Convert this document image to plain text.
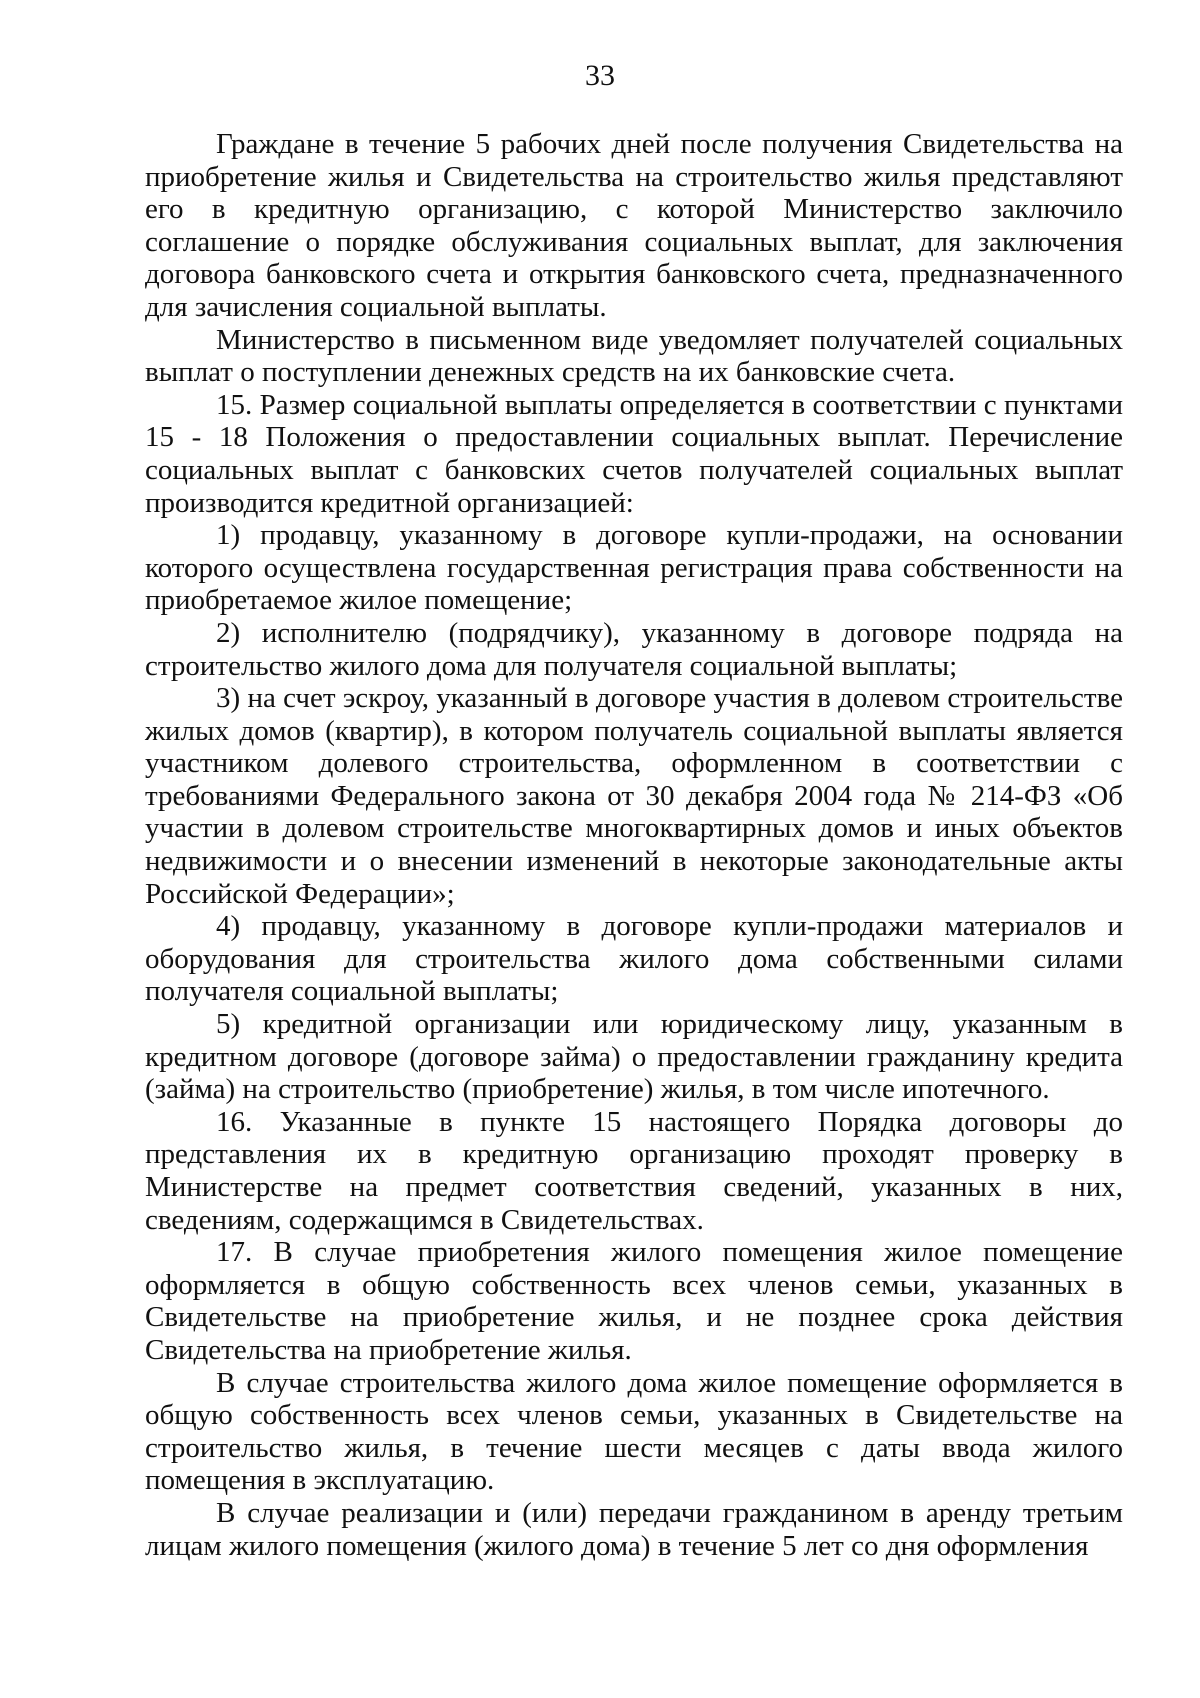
33

Граждане в течение 5 рабочих дней после получения Свидетельства на приобретение жилья и Свидетельства на строительство жилья представляют его в кредитную организацию, с которой Министерство заключило соглашение о порядке обслуживания социальных выплат, для заключения договора банковского счета и открытия банковского счета, предназначенного для зачисления социальной выплаты.

Министерство в письменном виде уведомляет получателей социальных выплат о поступлении денежных средств на их банковские счета.

15. Размер социальной выплаты определяется в соответствии с пунктами 15 - 18 Положения о предоставлении социальных выплат. Перечисление социальных выплат с банковских счетов получателей социальных выплат производится кредитной организацией:

1) продавцу, указанному в договоре купли-продажи, на основании которого осуществлена государственная регистрация права собственности на приобретаемое жилое помещение;

2) исполнителю (подрядчику), указанному в договоре подряда на строительство жилого дома для получателя социальной выплаты;

3) на счет эскроу, указанный в договоре участия в долевом строительстве жилых домов (квартир), в котором получатель социальной выплаты является участником долевого строительства, оформленном в соответствии с требованиями Федерального закона от 30 декабря 2004 года № 214-ФЗ «Об участии в долевом строительстве многоквартирных домов и иных объектов недвижимости и о внесении изменений в некоторые законодательные акты Российской Федерации»;

4) продавцу, указанному в договоре купли-продажи материалов и оборудования для строительства жилого дома собственными силами получателя социальной выплаты;

5) кредитной организации или юридическому лицу, указанным в кредитном договоре (договоре займа) о предоставлении гражданину кредита (займа) на строительство (приобретение) жилья, в том числе ипотечного.

16. Указанные в пункте 15 настоящего Порядка договоры до представления их в кредитную организацию проходят проверку в Министерстве на предмет соответствия сведений, указанных в них, сведениям, содержащимся в Свидетельствах.

17. В случае приобретения жилого помещения жилое помещение оформляется в общую собственность всех членов семьи, указанных в Свидетельстве на приобретение жилья, и не позднее срока действия Свидетельства на приобретение жилья.

В случае строительства жилого дома жилое помещение оформляется в общую собственность всех членов семьи, указанных в Свидетельстве на строительство жилья, в течение шести месяцев с даты ввода жилого помещения в эксплуатацию.

В случае реализации и (или) передачи гражданином в аренду третьим лицам жилого помещения (жилого дома) в течение 5 лет со дня оформления
